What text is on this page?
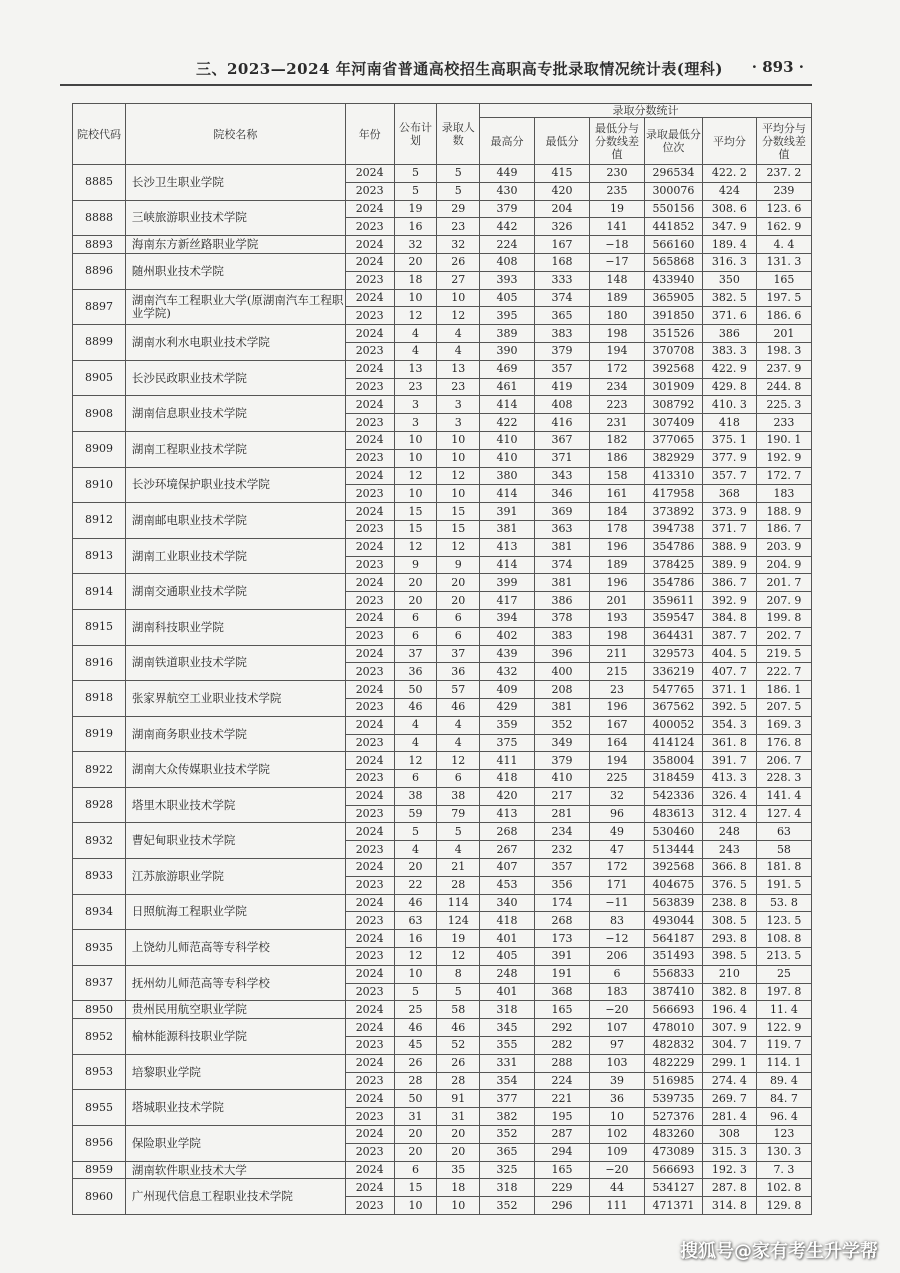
三、2023—2024 年河南省普通高校招生高职高专批录取情况统计表(理科) · 893 ·
院校代码	院校名称	年份	公布计划	录取人数	录取分数统计					
					最高分	最低分	最低分与分数线差值	录取最低分位次	平均分	平均分与分数线差值
8885	长沙卫生职业学院	2024	5	5	449	415	230	296534	422. 2	237. 2
		2023	5	5	430	420	235	300076	424	239
8888	三峡旅游职业技术学院	2024	19	29	379	204	19	550156	308. 6	123. 6
		2023	16	23	442	326	141	441852	347. 9	162. 9
8893	海南东方新丝路职业学院	2024	32	32	224	167	−18	566160	189. 4	4. 4
8896	随州职业技术学院	2024	20	26	408	168	−17	565868	316. 3	131. 3
		2023	18	27	393	333	148	433940	350	165
8897	湖南汽车工程职业大学(原湖南汽车工程职业学院)	2024	10	10	405	374	189	365905	382. 5	197. 5
		2023	12	12	395	365	180	391850	371. 6	186. 6
8899	湖南水利水电职业技术学院	2024	4	4	389	383	198	351526	386	201
		2023	4	4	390	379	194	370708	383. 3	198. 3
8905	长沙民政职业技术学院	2024	13	13	469	357	172	392568	422. 9	237. 9
		2023	23	23	461	419	234	301909	429. 8	244. 8
8908	湖南信息职业技术学院	2024	3	3	414	408	223	308792	410. 3	225. 3
		2023	3	3	422	416	231	307409	418	233
8909	湖南工程职业技术学院	2024	10	10	410	367	182	377065	375. 1	190. 1
		2023	10	10	410	371	186	382929	377. 9	192. 9
8910	长沙环境保护职业技术学院	2024	12	12	380	343	158	413310	357. 7	172. 7
		2023	10	10	414	346	161	417958	368	183
8912	湖南邮电职业技术学院	2024	15	15	391	369	184	373892	373. 9	188. 9
		2023	15	15	381	363	178	394738	371. 7	186. 7
8913	湖南工业职业技术学院	2024	12	12	413	381	196	354786	388. 9	203. 9
		2023	9	9	414	374	189	378425	389. 9	204. 9
8914	湖南交通职业技术学院	2024	20	20	399	381	196	354786	386. 7	201. 7
		2023	20	20	417	386	201	359611	392. 9	207. 9
8915	湖南科技职业学院	2024	6	6	394	378	193	359547	384. 8	199. 8
		2023	6	6	402	383	198	364431	387. 7	202. 7
8916	湖南铁道职业技术学院	2024	37	37	439	396	211	329573	404. 5	219. 5
		2023	36	36	432	400	215	336219	407. 7	222. 7
8918	张家界航空工业职业技术学院	2024	50	57	409	208	23	547765	371. 1	186. 1
		2023	46	46	429	381	196	367562	392. 5	207. 5
8919	湖南商务职业技术学院	2024	4	4	359	352	167	400052	354. 3	169. 3
		2023	4	4	375	349	164	414124	361. 8	176. 8
8922	湖南大众传媒职业技术学院	2024	12	12	411	379	194	358004	391. 7	206. 7
		2023	6	6	418	410	225	318459	413. 3	228. 3
8928	塔里木职业技术学院	2024	38	38	420	217	32	542336	326. 4	141. 4
		2023	59	79	413	281	96	483613	312. 4	127. 4
8932	曹妃甸职业技术学院	2024	5	5	268	234	49	530460	248	63
		2023	4	4	267	232	47	513444	243	58
8933	江苏旅游职业学院	2024	20	21	407	357	172	392568	366. 8	181. 8
		2023	22	28	453	356	171	404675	376. 5	191. 5
8934	日照航海工程职业学院	2024	46	114	340	174	−11	563839	238. 8	53. 8
		2023	63	124	418	268	83	493044	308. 5	123. 5
8935	上饶幼儿师范高等专科学校	2024	16	19	401	173	−12	564187	293. 8	108. 8
		2023	12	12	405	391	206	351493	398. 5	213. 5
8937	抚州幼儿师范高等专科学校	2024	10	8	248	191	6	556833	210	25
		2023	5	5	401	368	183	387410	382. 8	197. 8
8950	贵州民用航空职业学院	2024	25	58	318	165	−20	566693	196. 4	11. 4
8952	榆林能源科技职业学院	2024	46	46	345	292	107	478010	307. 9	122. 9
		2023	45	52	355	282	97	482832	304. 7	119. 7
8953	培黎职业学院	2024	26	26	331	288	103	482229	299. 1	114. 1
		2023	28	28	354	224	39	516985	274. 4	89. 4
8955	塔城职业技术学院	2024	50	91	377	221	36	539735	269. 7	84. 7
		2023	31	31	382	195	10	527376	281. 4	96. 4
8956	保险职业学院	2024	20	20	352	287	102	483260	308	123
		2023	20	20	365	294	109	473089	315. 3	130. 3
8959	湖南软件职业技术大学	2024	6	35	325	165	−20	566693	192. 3	7. 3
8960	广州现代信息工程职业技术学院	2024	15	18	318	229	44	534127	287. 8	102. 8
		2023	10	10	352	296	111	471371	314. 8	129. 8
搜狐号@家有考生升学帮
